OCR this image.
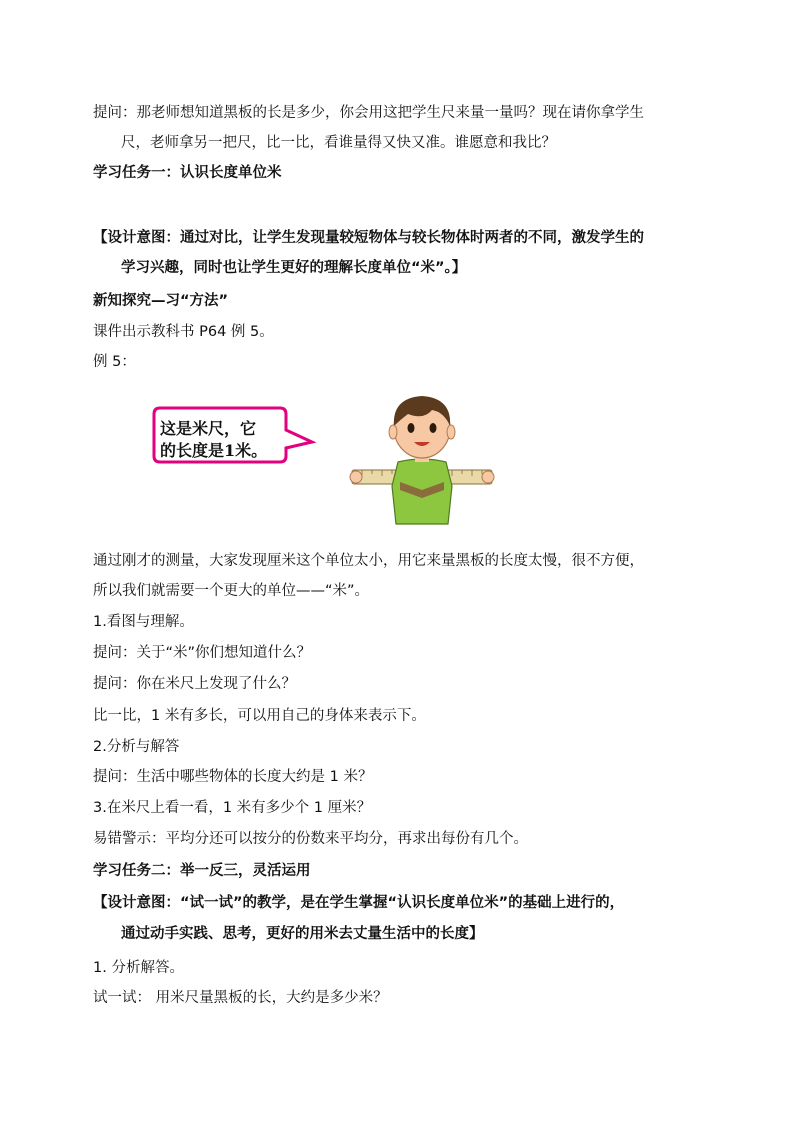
提问：那老师想知道黑板的长是多少，你会用这把学生尺来量一量吗？现在请你拿学生
尺，老师拿另一把尺，比一比，看谁量得又快又准。谁愿意和我比？
学习任务一：认识长度单位米
【设计意图：通过对比，让学生发现量较短物体与较长物体时两者的不同，激发学生的
学习兴趣，同时也让学生更好的理解长度单位“米”。】
新知探究—习“方法”
课件出示教科书 P64 例 5。
例 5：
这是米尺，它
的长度是1米。
通过刚才的测量，大家发现厘米这个单位太小，用它来量黑板的长度太慢，很不方便，
所以我们就需要一个更大的单位——“米”。
1.看图与理解。
提问：关于“米”你们想知道什么？
提问：你在米尺上发现了什么？
比一比，1 米有多长，可以用自己的身体来表示下。
2.分析与解答
提问：生活中哪些物体的长度大约是 1 米？
3.在米尺上看一看，1 米有多少个 1 厘米？
易错警示：平均分还可以按分的份数来平均分，再求出每份有几个。
学习任务二：举一反三，灵活运用
【设计意图：“试一试”的教学，是在学生掌握“认识长度单位米”的基础上进行的，
通过动手实践、思考，更好的用米去丈量生活中的长度】
1. 分析解答。
试一试： 用米尺量黑板的长，大约是多少米？
